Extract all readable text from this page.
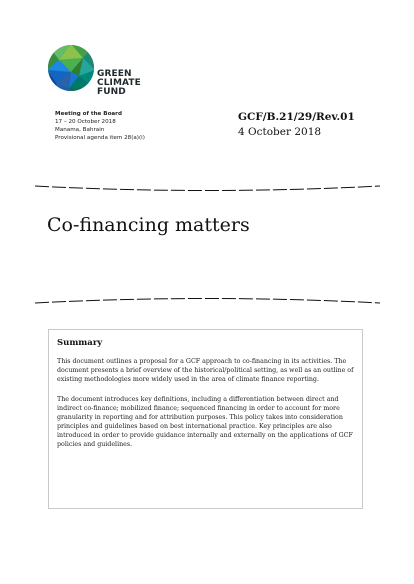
GREEN
CLIMATE
FUND
Meeting of the Board
17 – 20 October 2018
Manama, Bahrain
Provisional agenda item 28(a)(i)
GCF/B.21/29/Rev.01
4 October 2018
Co-financing matters
Summary

This document outlines a proposal for a GCF approach to co-financing in its activities. The document presents a brief overview of the historical/political setting, as well as an outline of existing methodologies more widely used in the area of climate finance reporting.

The document introduces key definitions, including a differentiation between direct and indirect co-finance; mobilized finance; sequenced financing in order to account for more granularity in reporting and for attribution purposes. This policy takes into consideration principles and guidelines based on best international practice. Key principles are also introduced in order to provide guidance internally and externally on the applications of GCF policies and guidelines.
